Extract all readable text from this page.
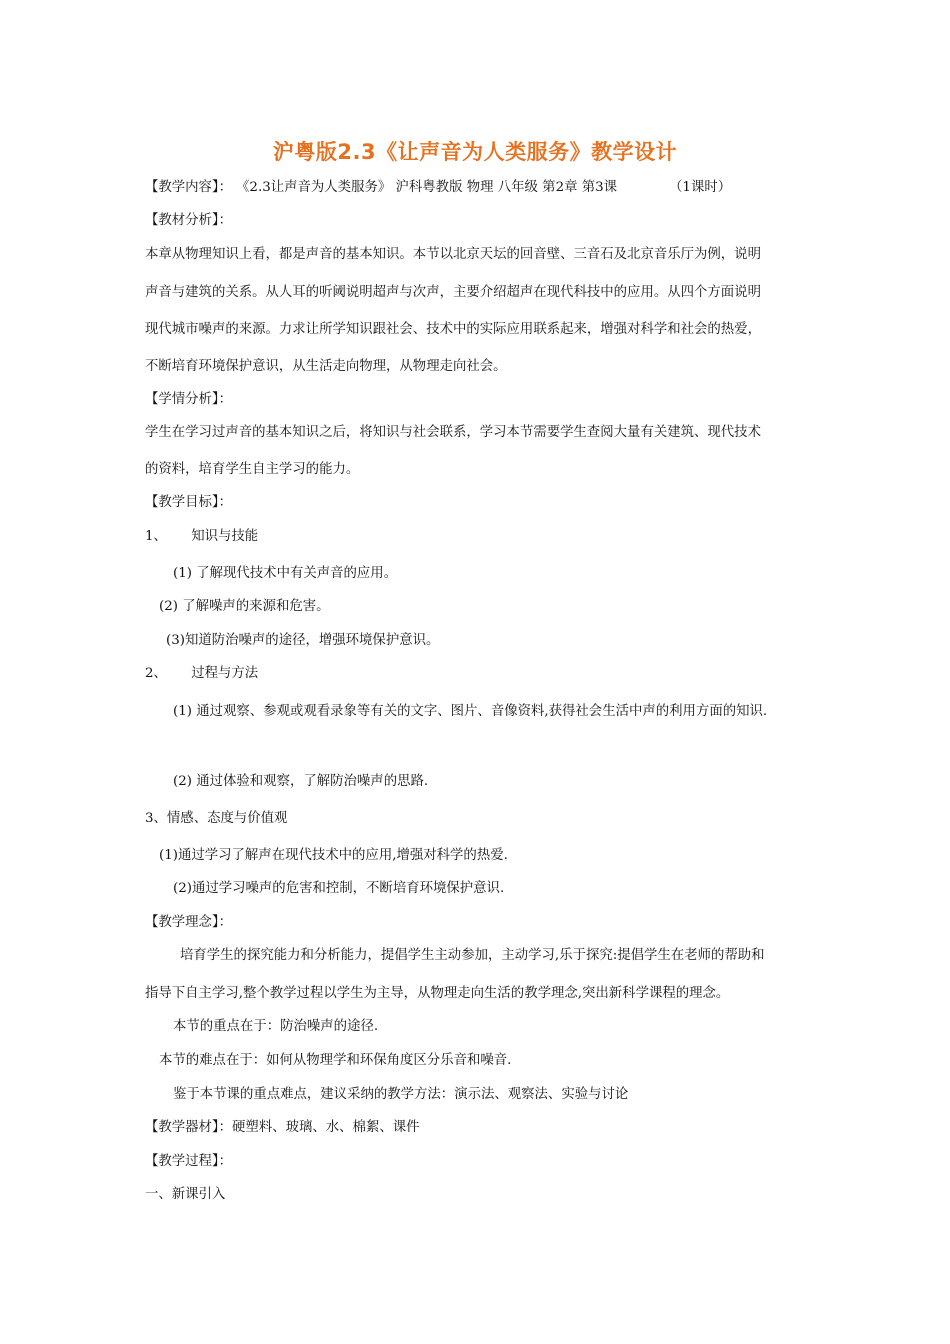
沪粤版2.3《让声音为人类服务》教学设计
【教学内容】： 《2.3让声音为人类服务》 沪科粤教版 物理 八年级 第2章 第3课	（1课时）
【教材分析】：
本章从物理知识上看，都是声音的基本知识。本节以北京天坛的回音壁、三音石及北京音乐厅为例，说明
声音与建筑的关系。从人耳的听阈说明超声与次声，主要介绍超声在现代科技中的应用。从四个方面说明
现代城市噪声的来源。力求让所学知识跟社会、技术中的实际应用联系起来，增强对科学和社会的热爱，
不断培育环境保护意识，从生活走向物理，从物理走向社会。
【学情分析】：
学生在学习过声音的基本知识之后，将知识与社会联系，学习本节需要学生查阅大量有关建筑、现代技术
的资料，培育学生自主学习的能力。
【教学目标】：
1、 知识与技能
(1) 了解现代技术中有关声音的应用。
(2) 了解噪声的来源和危害。
(3)知道防治噪声的途径，增强环境保护意识。
2、 过程与方法
(1) 通过观察、参观或观看录象等有关的文字、图片、音像资料,获得社会生活中声的利用方面的知识.
(2) 通过体验和观察，了解防治噪声的思路.
3、情感、态度与价值观
(1)通过学习了解声在现代技术中的应用,增强对科学的热爱.
(2)通过学习噪声的危害和控制，不断培育环境保护意识.
【教学理念】：
培育学生的探究能力和分析能力，提倡学生主动参加，主动学习,乐于探究:提倡学生在老师的帮助和
指导下自主学习,整个教学过程以学生为主导，从物理走向生活的教学理念,突出新科学课程的理念。
本节的重点在于：防治噪声的途径.
本节的难点在于：如何从物理学和环保角度区分乐音和噪音.
鉴于本节课的重点难点，建议采纳的教学方法：演示法、观察法、实验与讨论
【教学器材】：硬塑料、玻璃、水、棉絮、课件
【教学过程】：
一、新课引入
